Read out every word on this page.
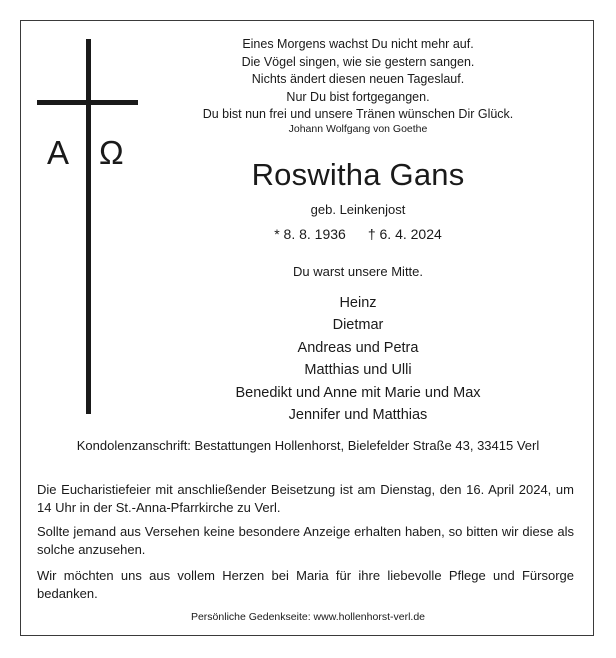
Α Ω
Eines Morgens wachst Du nicht mehr auf.
Die Vögel singen, wie sie gestern sangen.
Nichts ändert diesen neuen Tageslauf.
Nur Du bist fortgegangen.
Du bist nun frei und unsere Tränen wünschen Dir Glück.
Johann Wolfgang von Goethe
Roswitha Gans
geb. Leinkenjost
* 8. 8. 1936 † 6. 4. 2024
Du warst unsere Mitte.
Heinz
Dietmar
Andreas und Petra
Matthias und Ulli
Benedikt und Anne mit Marie und Max
Jennifer und Matthias
Kondolenzanschrift: Bestattungen Hollenhorst, Bielefelder Straße 43, 33415 Verl
Die Eucharistiefeier mit anschließender Beisetzung ist am Dienstag, den 16. April 2024, um 14 Uhr in der St.-Anna-Pfarrkirche zu Verl.
Sollte jemand aus Versehen keine besondere Anzeige erhalten haben, so bitten wir diese als solche anzusehen.
Wir möchten uns aus vollem Herzen bei Maria für ihre liebevolle Pflege und Fürsorge bedanken.
Persönliche Gedenkseite: www.hollenhorst-verl.de
